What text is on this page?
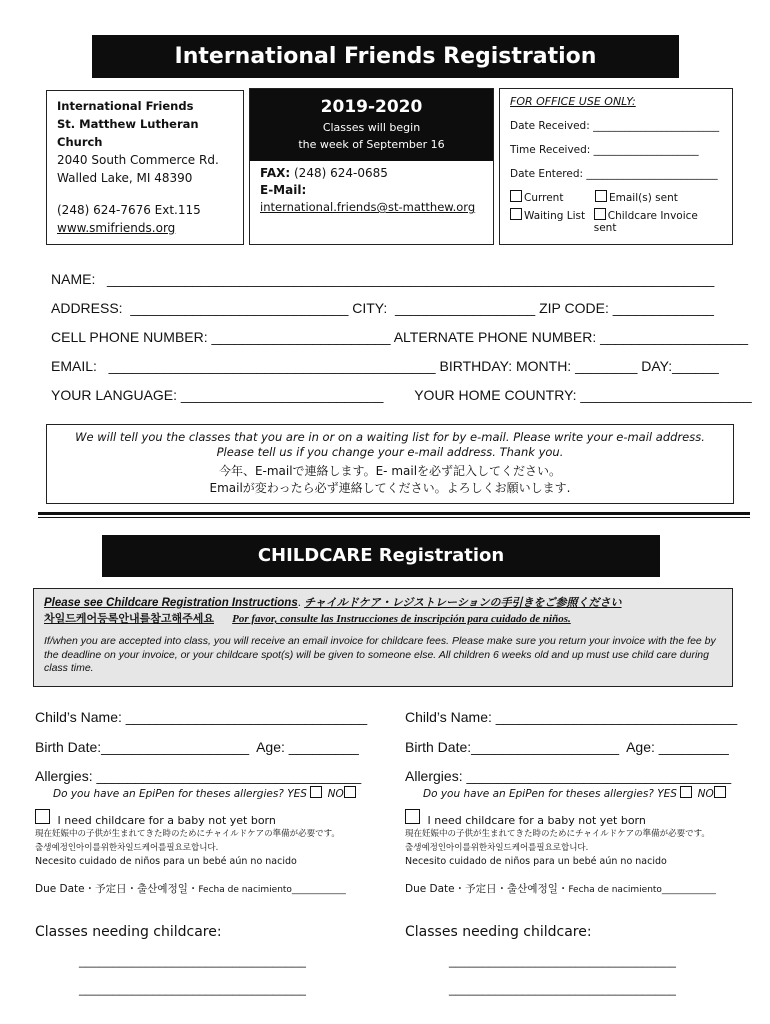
International Friends Registration
International Friends
St. Matthew Lutheran Church
2040 South Commerce Rd.
Walled Lake, MI 48390
(248) 624-7676 Ext.115
www.smifriends.org
2019-2020
Classes will begin
the week of September 16
FAX: (248) 624-0685
E-Mail:
international.friends@st-matthew.org
FOR OFFICE USE ONLY:
Date Received: ________________________
Time Received: ____________________
Date Entered: _________________________
Current	Email(s) sent
Waiting List	Childcare Invoice sent
NAME:   ______________________________________________________________________________
ADDRESS:  ____________________________ CITY:  __________________ ZIP CODE: _____________
CELL PHONE NUMBER: _______________________ ALTERNATE PHONE NUMBER: ___________________
EMAIL:   __________________________________________ BIRTHDAY: MONTH: ________ DAY:______
YOUR LANGUAGE: __________________________        YOUR HOME COUNTRY: ______________________
We will tell you the classes that you are in or on a waiting list for by e-mail. Please write your e-mail address.
Please tell us if you change your e-mail address. Thank you.
今年、E-mailで連絡します。E- mailを必ず記入してください。
Emailが変わったら必ず連絡してください。よろしくお願いします.
CHILDCARE Registration
Please see Childcare Registration Instructions. チャイルドケア・レジストレーションの手引きをご参照ください
차일드케어등록안내를참고해주세요 Por favor, consulte las Instrucciones de inscripción para cuidado de niños.
If/when you are accepted into class, you will receive an email invoice for childcare fees. Please make sure you return your invoice with the fee by the deadline on your invoice, or your childcare spot(s) will be given to someone else. All children 6 weeks old and up must use child care during class time.
Child’s Name: _______________________________
Birth Date:___________________  Age: _________
Allergies: __________________________________
Do you have an EpiPen for theses allergies? YES NO
I need childcare for a baby not yet born
現在妊娠中の子供が生まれてきた時のためにチャイルドケアの準備が必要です。
출생예정인아이를위한차일드케어를필요로합니다.
Necesito cuidado de niños para un bebé aún no nacido
Due Date・予定日・출산예정일・Fecha de nacimiento____________
Classes needing childcare:
__________________________________
__________________________________
Child’s Name: _______________________________
Birth Date:___________________  Age: _________
Allergies: __________________________________
Do you have an EpiPen for theses allergies? YES NO
I need childcare for a baby not yet born
現在妊娠中の子供が生まれてきた時のためにチャイルドケアの準備が必要です。
출생예정인아이를위한차일드케어를필요로합니다.
Necesito cuidado de niños para un bebé aún no nacido
Due Date・予定日・출산예정일・Fecha de nacimiento____________
Classes needing childcare:
__________________________________
__________________________________
